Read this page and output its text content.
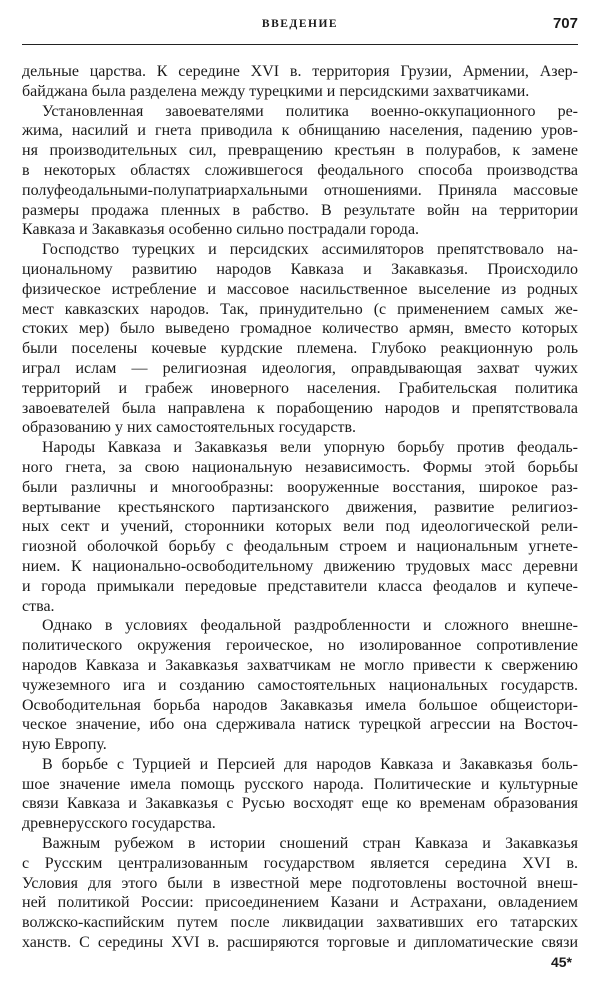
ВВЕДЕНИЕ	707
дельные царства. К середине XVI в. территория Грузии, Армении, Азер-
байджана была разделена между турецкими и персидскими захватчиками.
Установленная завоевателями политика военно-оккупационного ре-
жима, насилий и гнета приводила к обнищанию населения, падению уров-
ня производительных сил, превращению крестьян в полурабов, к замене
в некоторых областях сложившегося феодального способа производства
полуфеодальными-полупатриархальными отношениями. Приняла массовые
размеры продажа пленных в рабство. В результате войн на территории
Кавказа и Закавказья особенно сильно пострадали города.
Господство турецких и персидских ассимиляторов препятствовало на-
циональному развитию народов Кавказа и Закавказья. Происходило
физическое истребление и массовое насильственное выселение из родных
мест кавказских народов. Так, принудительно (с применением самых же-
стоких мер) было выведено громадное количество армян, вместо которых
были поселены кочевые курдские племена. Глубоко реакционную роль
играл ислам — религиозная идеология, оправдывающая захват чужих
территорий и грабеж иноверного населения. Грабительская политика
завоевателей была направлена к порабощению народов и препятствовала
образованию у них самостоятельных государств.
Народы Кавказа и Закавказья вели упорную борьбу против феодаль-
ного гнета, за свою национальную независимость. Формы этой борьбы
были различны и многообразны: вооруженные восстания, широкое раз-
вертывание крестьянского партизанского движения, развитие религиоз-
ных сект и учений, сторонники которых вели под идеологической рели-
гиозной оболочкой борьбу с феодальным строем и национальным угнете-
нием. К национально-освободительному движению трудовых масс деревни
и города примыкали передовые представители класса феодалов и купече-
ства.
Однако в условиях феодальной раздробленности и сложного внешне-
политического окружения героическое, но изолированное сопротивление
народов Кавказа и Закавказья захватчикам не могло привести к свержению
чужеземного ига и созданию самостоятельных национальных государств.
Освободительная борьба народов Закавказья имела большое общеистори-
ческое значение, ибо она сдерживала натиск турецкой агрессии на Восточ-
ную Европу.
В борьбе с Турцией и Персией для народов Кавказа и Закавказья боль-
шое значение имела помощь русского народа. Политические и культурные
связи Кавказа и Закавказья с Русью восходят еще ко временам образования
древнерусского государства.
Важным рубежом в истории сношений стран Кавказа и Закавказья
с Русским централизованным государством является середина XVI в.
Условия для этого были в известной мере подготовлены восточной внеш-
ней политикой России: присоединением Казани и Астрахани, овладением
волжско-каспийским путем после ликвидации захвативших его татарских
ханств. С середины XVI в. расширяются торговые и дипломатические связи
45*
